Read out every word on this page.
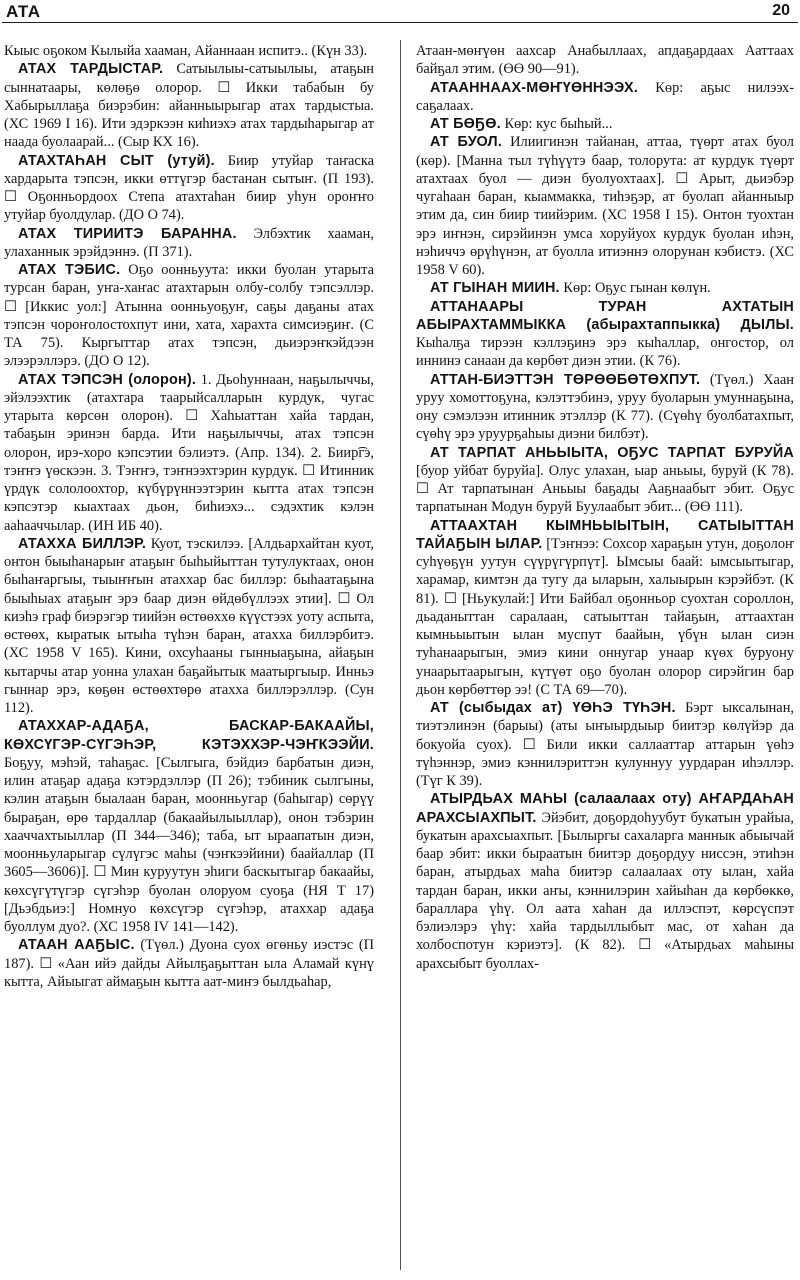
АТА	20

Кыыс оҕоком Кылыйа хааман, Айаннаан испитэ.. (Күн 33).

АТАХ ТАРДЫСТАР. Сатыылыы-сатыылыы, атаҕын сыннатаары, көлөҕө олорор. ☐ Икки табабын бу Хабырыллаҕа биэрэбин: айанныырыгар атах тардыстыа. (ХС 1969 I 16). Ити эдэркээн киһиэхэ атах тардыһарыгар ат наада буолаарай... (Сыр КХ 16).

АТАХТАҺАН СЫТ (утуй). Биир утуйар таҥаска хардарыта тэпсэн, икки өттүгэр бастанан сытыҥ. (П 193). ☐ Оҕонньордоох Степа атахтаһан биир уһун ороҥҥо утуйар буолдулар. (ДО О 74).

АТАХ ТИРИИТЭ БАРАННА. Элбэхтик хааман, улаханнык эрэйдэннэ. (П 371).

АТАХ ТЭБИС. Оҕо оонньуута: икки буолан утарыта турсан баран, уҥа-хаҥас атахтарын олбу-солбу тэпсэллэр. ☐ [Иккис уол:] Атынна оонньуоҕуҥ, саҕы даҕаны атах тэпсэн чороҥолостохпут ини, хата, харахта симсиэҕиҥ. (С ТА 75). Кыргыттар атах тэпсэн, дьиэрэҥкэйдээн элээрэллэрэ. (ДО О 12).

АТАХ ТЭПСЭН (олорон). 1. Дьоһуннаан, наҕылыччы, эйэлээхтик (атахтара таарыйсалларын курдук, чугас утарыта көрсөн олорон). ☐ Хаһыаттан хайа тардан, табаҕын эринэн барда. Ити наҕылыччы, атах тэпсэн олорон, ирэ-хоро кэпсэтии бэлиэтэ. (Апр. 134). 2. Биир͡гэ, тэҥҥэ үөскээн. 3. Тэҥҥэ, тэҥнээхтэрин курдук. ☐ Итинник үрдүк сололоохтор, күбүрүннээтэрин кытта атах тэпсэн кэпсэтэр кыахтаах дьон, биһиэхэ... сэдэхтик кэлэн ааһааччылар. (ИН ИБ 40).

АТАХХА БИЛЛЭР. Куот, тэскилээ. [Алдьархайтан куот, онтон быыһанарыҥ атаҕыҥ быһыйыттан тутулуктаах, онон быһаҥаргыы, тыыҥҥын атаххар бас биллэр: быһаатаҕына быыһыах атаҕыҥ эрэ баар диэн өйдөбүллээх этии]. ☐ Ол киэһэ граф биэрэгэр тиийэн өстөөххө күүстээх уоту аспыта, өстөөх, кыратык ытыһа түһэн баран, атахха биллэрбитэ. (ХС 1958 V 165). Кини, охсуһааны гынныаҕына, айаҕын кытарчы атар уонна улахан баҕайытык маатыргыыр. Инньэ гыннар эрэ, көҕөн өстөөхтөрө атахха биллэрэллэр. (Сун 112).

АТАХХАР-АДАҔА, БАСКАР-БАКААЙЫ, КӨХСҮГЭР-СҮГЭҺЭР, КЭТЭХХЭР-ЧЭҤКЭЭЙИ. Боҕуу, мэһэй, таһаҕас. [Сылгыга, бэйдиэ барбатын диэн, илин атаҕар адаҕа кэтэрдэллэр (П 26); тэбиник сылгыны, кэлин атаҕын быалаан баран, моонньугар (баһыгар) сөрүү быраҕан, өрө тардаллар (бакаайылыыллар), онон тэбэрин хааччахтыыллар (П 344—346); таба, ыт ыраапатын диэн, моонньуларыгар сүлүгэс маһы (чэҥкээйини) баайаллар (П 3605—3606)]. ☐ Мин куруутун эһиги баскытыгар бакаайы, көхсүгүтүгэр сүгэһэр буолан олоруом суоҕа (НЯ Т 17) [Дьэбдьиэ:] Номнуо көхсүгэр сүгэһэр, атаххар адаҕа буоллум дуо?. (ХС 1958 IV 141—142).

АТААН ААҔЫС. (Түөл.) Дуона суох өгөньу иэстэс (П 187). ☐ «Аан ийэ дайды Айылҕаҕыттан ыла Аламай күнү кытта, Айыыгат аймаҕын кытта аат-миҥэ былдьаһар,

Атаан-мөҥүөн аахсар Анабыллаах, апдаҕардаах Ааттаах байҕал этим. (ӨӨ 90—91).

АТААННААХ-МӨҤҮӨННЭЭХ. Көр: аҕыс нилээх-саҕалаах.

АТ БӨҔӨ. Көр: кус быһый...

АТ БУОЛ. Илиигинэн тайанан, аттаа, түөрт атах буол (көр). [Манна тыл түһүүтэ баар, толорута: ат курдук түөрт атахтаах буол — диэн буолуохтаах]. ☐ Арыт, дьиэбэр чугаһаан баран, кыаммакка, тиһэҕэр, ат буолап айанныыр этим да, син биир тиийэрим. (ХС 1958 I 15). Онтон туохтан эрэ иҥнэн, сирэйинэн умса хоруйуох курдук буолан иһэн, нэһиччэ өрүһүнэн, ат буолла итиэннэ олорунан кэбистэ. (ХС 1958 V 60).

АТ ГЫНАН МИИН. Көр: Оҕус гынан көлүн.

АТТАНААРЫ ТУРАН АХТАТЫН АБЫРАХТАММЫККА (абырахтаппыкка) ДЫЛЫ. Кыһалҕа тирээн кэллэҕинэ эрэ кыһаллар, онгостор, ол иннинэ санаан да көрбөт диэн этии. (К 76).

АТТАН-БИЭТТЭН ТӨРӨӨБӨТӨХПУТ. (Түөл.) Хаан уруу хомоттоҕуна, кэлэттэбинэ, уруу буоларын умуннаҕына, ону сэмэлээн итинник этэллэр (К 77). (Сүөһү буолбатахпыт, сүөһү эрэ уруурҕаһыы диэни билбэт).

АТ ТАРПАТ АНЬЫЫТА, ОҔУС ТАРПАТ БУРУЙА [буор уйбат буруйа]. Олус улахан, ыар аньыы, буруй (К 78). ☐ Ат тарпатынан Аньыы баҕады Ааҕнаабыт эбит. Оҕус тарпатынан Модун буруй Буулаабыт эбит... (ӨӨ 111).

АТТААХТАН КЫМНЬЫЫТЫН, САТЫЫТТАН ТАЙАҔЫН ЫЛАР. [Тэҥнээ: Сохсор хараҕын утун, доҕолоҥ суһүөҕүн уутун сүүрүгүрпүт]. Ымсыы баай: ымсыытыгар, харамар, кимтэн да тугу да ыларын, халыырын кэрэйбэт. (К 81). ☐ [Ньукулай:] Ити Байбал оҕонньор суохтан сороллон, дьаданыттан саралаан, сатыыттан тайаҕын, аттаахтан кымньыытын ылан муспут баайын, үбүн ылан сиэн туһанаарыгын, эмиэ кини оннугар унаар күөх буруону унаарытаарыгын, күтүөт оҕо буолан олорор сирэйгин бар дьон көрбөттөр ээ! (С ТА 69—70).

АТ (сыбыдах ат) ҮӨҺЭ ТҮҺЭН. Бэрт ыксалынан, тиэтэлинэн (барыы) (аты ыҥыырдыыр биитэр көлүйэр да бокуойа суох). ☐ Били икки саллааттар аттарын үөһэ түһэннэр, эмиэ кэннилэриттэн кулуннуу уурдаран иһэллэр. (Түг К 39).

АТЫРДЬАХ МАҺЫ (салаалаах оту) АҤАРДАҺАН АРАХСЫАХПЫТ. Эйэбит, доҕордоһуубут букатын урайыа, букатын арахсыахпыт. [Былыргы сахаларга маннык абыычай баар эбит: икки быраатын биитэр доҕордуу ниссэн, этиһэн баран, атырдьах маһа биитэр салаалаах оту ылан, хайа тардан баран, икки аҥы, кэннилэрин хайыһан да көрбөккө, бараллара үһү. Ол аата хаһан да иллэспэт, көрсүспэт бэлиэлэрэ үһү: хайа тардыллыбыт мас, от хаһан да холбоспотун кэриэтэ]. (К 82). ☐ «Атырдьах маһыны арахсыбыт буоллах-
